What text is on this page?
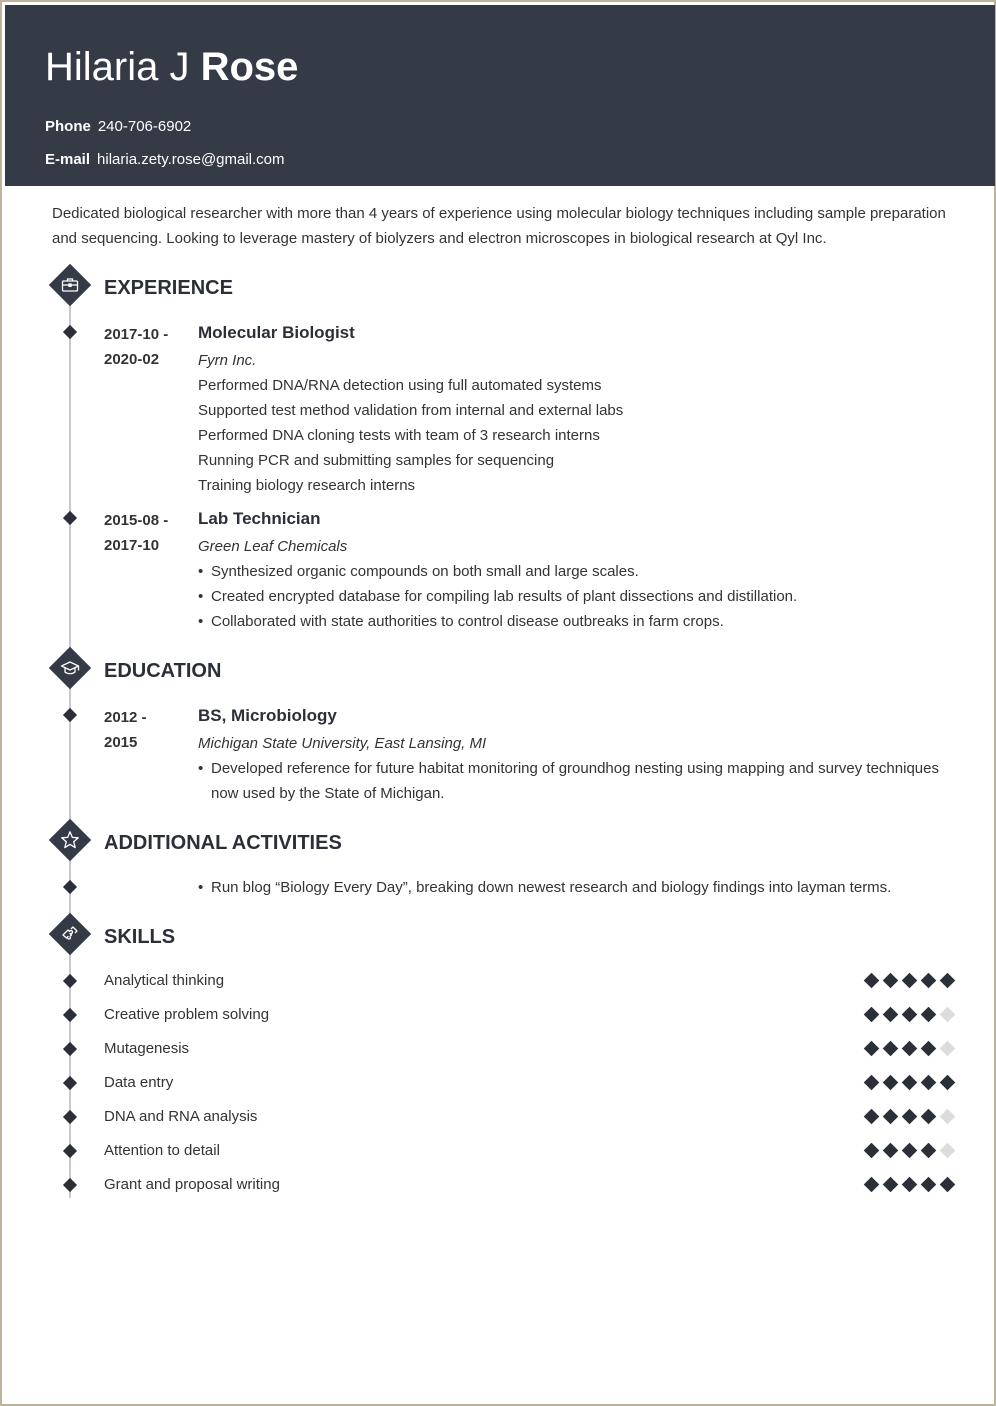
Hilaria J Rose
Phone 240-706-6902
E-mail hilaria.zety.rose@gmail.com
Dedicated biological researcher with more than 4 years of experience using molecular biology techniques including sample preparation and sequencing. Looking to leverage mastery of biolyzers and electron microscopes in biological research at Qyl Inc.
EXPERIENCE
2017-10 -
2020-02
Molecular Biologist
Fyrn Inc.
Performed DNA/RNA detection using full automated systems
Supported test method validation from internal and external labs
Performed DNA cloning tests with team of 3 research interns
Running PCR and submitting samples for sequencing
Training biology research interns
2015-08 -
2017-10
Lab Technician
Green Leaf Chemicals
• Synthesized organic compounds on both small and large scales.
• Created encrypted database for compiling lab results of plant dissections and distillation.
• Collaborated with state authorities to control disease outbreaks in farm crops.
EDUCATION
2012 -
2015
BS, Microbiology
Michigan State University, East Lansing, MI
• Developed reference for future habitat monitoring of groundhog nesting using mapping and survey techniques now used by the State of Michigan.
ADDITIONAL ACTIVITIES
• Run blog “Biology Every Day”, breaking down newest research and biology findings into layman terms.
SKILLS
Analytical thinking
Creative problem solving
Mutagenesis
Data entry
DNA and RNA analysis
Attention to detail
Grant and proposal writing
